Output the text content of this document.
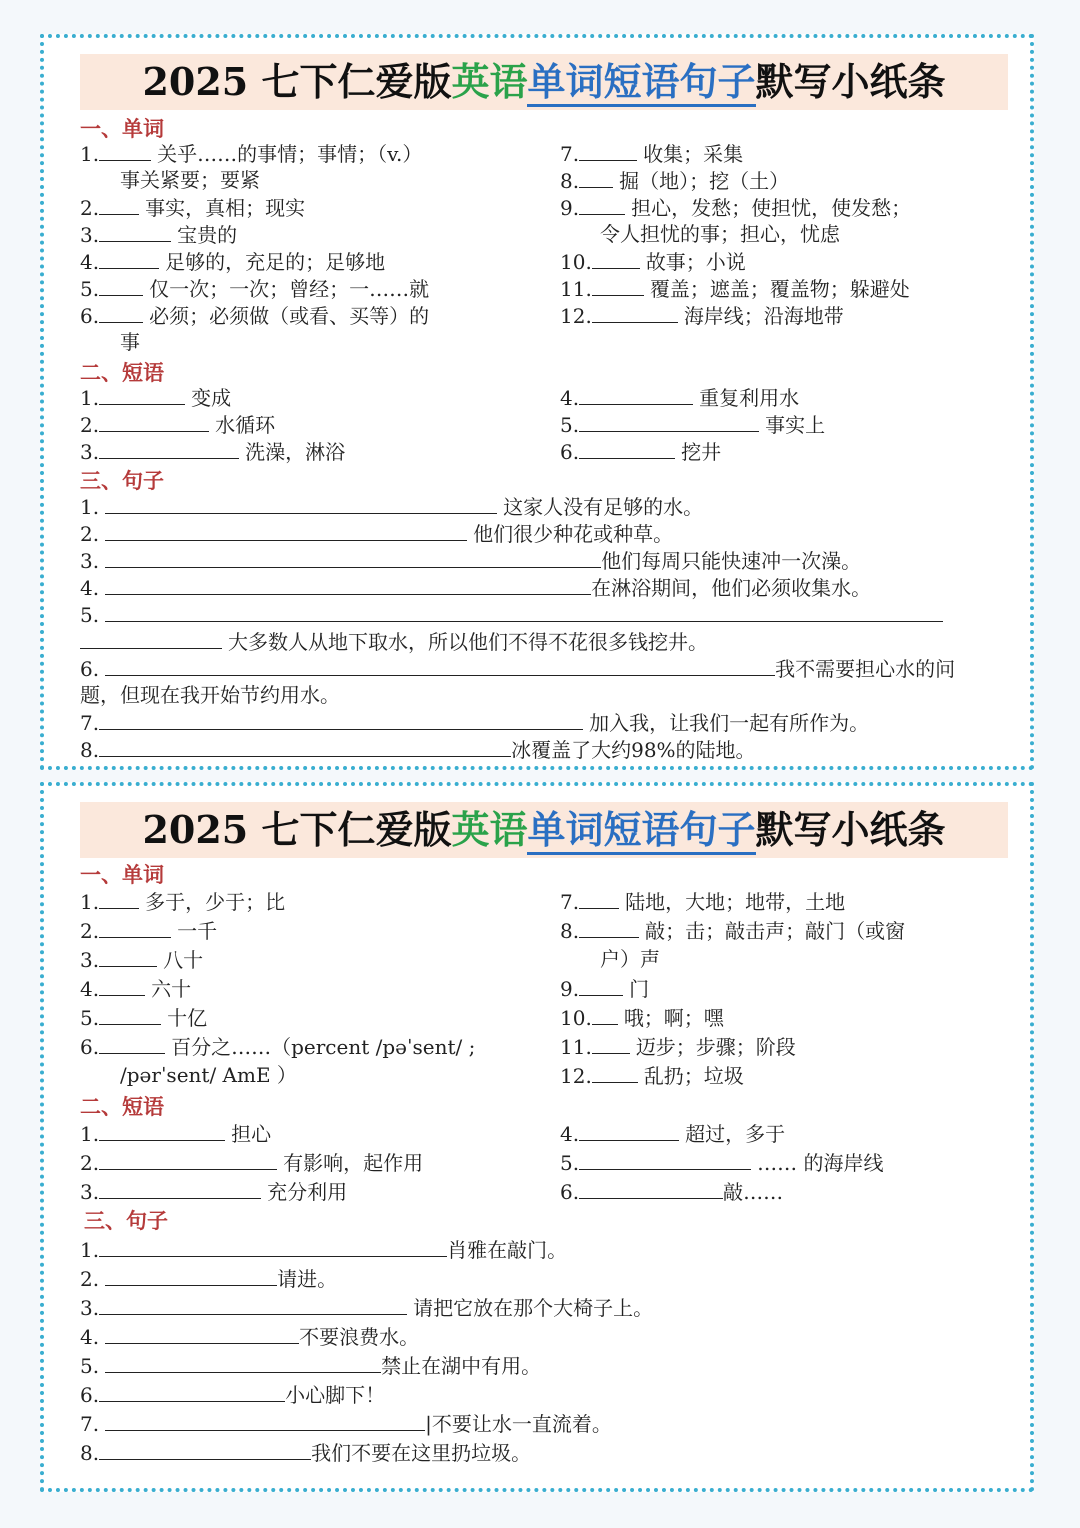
2025 七下仁爱版英语单词短语句子默写小纸条
一、单词
1.	关乎……的事情；事情；（v.）
事关紧要；要紧
2. 事实，真相；现实
3.	宝贵的
4.	足够的，充足的；足够地
5.	仅一次；一次；曾经；一……就
6.	必须；必须做（或看、买等）的
事
7.	收集；采集
8. 掘（地）；挖（土）
9.	担心，发愁；使担忧，使发愁；
令人担忧的事；担心，忧虑
10.	故事；小说
11.	覆盖；遮盖；覆盖物；躲避处
12.	海岸线；沿海地带
二、短语
1.	变成
2.	水循环
3.	洗澡，淋浴
4.	重复利用水
5.	事实上
6.	挖井
三、句子
1.	这家人没有足够的水。
2.	他们很少种花或种草。
3.	他们每周只能快速冲一次澡。
4.	在淋浴期间，他们必须收集水。
5.
大多数人从地下取水，所以他们不得不花很多钱挖井。
6.	我不需要担心水的问
题，但现在我开始节约用水。
7.	加入我，让我们一起有所作为。
8.	冰覆盖了大约98%的陆地。
2025 七下仁爱版英语单词短语句子默写小纸条
一、单词
1. 多于，少于；比
2.	一千
3.	八十
4.	六十
5.	十亿
6.	百分之……（percent /pəˈsent/ ;
/pərˈsent/ AmE ）
7. 陆地，大地；地带，土地
8.	敲；击；敲击声；敲门（或窗
户）声
9.	门
10. 哦；啊；嘿
11. 迈步；步骤；阶段
12.	乱扔；垃圾
二、短语
1.	担心
2.	有影响，起作用
3.	充分利用
4.	超过，多于
5.	…… 的海岸线
6.	敲……
三、句子
1.	肖雅在敲门。
2.	请进。
3.	请把它放在那个大椅子上。
4.	不要浪费水。
5.	禁止在湖中有用。
6.	小心脚下！
7.	|不要让水一直流着。
8.	我们不要在这里扔垃圾。
